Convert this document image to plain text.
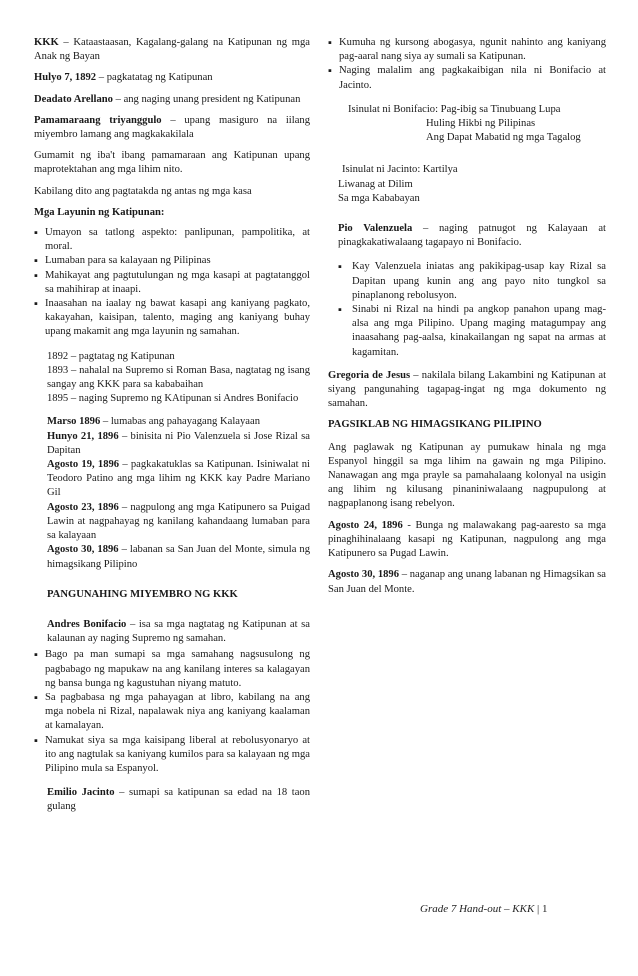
KKK – Kataastaasan, Kagalang-galang na Katipunan ng mga Anak ng Bayan

Hulyo 7, 1892 – pagkatatag ng Katipunan

Deadato Arellano – ang naging unang president ng Katipunan

Pamamaraang triyanggulo – upang masiguro na iilang miyembro lamang ang magkakakilala

Gumamit ng iba't ibang pamamaraan ang Katipunan upang maprotektahan ang mga lihim nito.

Kabilang dito ang pagtatakda ng antas ng mga kasa

Mga Layunin ng Katipunan:
▪ Umayon sa tatlong aspekto: panlipunan, pampolitika, at moral.
▪ Lumaban para sa kalayaan ng Pilipinas
▪ Mahikayat ang pagtutulungan ng mga kasapi at pagtatanggol sa mahihirap at inaapi.
▪ Inaasahan na iaalay ng bawat kasapi ang kaniyang pagkato, kakayahan, kaisipan, talento, maging ang kaniyang buhay upang makamit ang mga layunin ng samahan.

1892 – pagtatag ng Katipunan

1893 – nahalal na Supremo si Roman Basa, nagtatag ng isang sangay ang KKK para sa kababaihan

1895 – naging Supremo ng KAtipunan si Andres Bonifacio

Marso 1896 – lumabas ang pahayagang Kalayaan

Hunyo 21, 1896 – binisita ni Pio Valenzuela si Jose Rizal sa Dapitan

Agosto 19, 1896 – pagkakatuklas sa Katipunan. Isiniwalat ni Teodoro Patino ang mga lihim ng KKK kay Padre Mariano Gil

Agosto 23, 1896 – nagpulong ang mga Katipunero sa Puigad Lawin at nagpahayag ng kanilang kahandaang lumaban para sa kalayaan

Agosto 30, 1896 – labanan sa San Juan del Monte, simula ng himagsikang Pilipino

PANGUNAHING MIYEMBRO NG KKK

Andres Bonifacio – isa sa mga nagtatag ng Katipunan at sa kalaunan ay naging Supremo ng samahan.

▪ Bago pa man sumapi sa mga samahang nagsusulong ng pagbabago ng mapukaw na ang kanilang interes sa kalagayan ng bansa bunga ng kagustuhan niyang matuto.
▪ Sa pagbabasa ng mga pahayagan at libro, kabilang na ang mga nobela ni Rizal, napalawak niya ang kaniyang kaalaman at kamalayan.
▪ Namukat siya sa mga kaisipang liberal at rebolusyonaryo at ito ang nagtulak sa kaniyang kumilos para sa kalayaan ng mga Pilipino mula sa Espanyol.

Emilio Jacinto – sumapi sa katipunan sa edad na 18 taon gulang

▪ Kumuha ng kursong abogasya, ngunit nahinto ang kaniyang pag-aaral nang siya ay sumali sa Katipunan.
▪ Naging malalim ang pagkakaibigan nila ni Bonifacio at Jacinto.
Isinulat ni Bonifacio: Pag-ibig sa Tinubuang Lupa
Huling Hikbi ng Pilipinas
Ang Dapat Mabatid ng mga Tagalog
Isinulat ni Jacinto: Kartilya
Liwanag at Dilim
Sa mga Kababayan

Pio Valenzuela – naging patnugot ng Kalayaan at pinagkakatiwalaang tagapayo ni Bonifacio.

▪ Kay Valenzuela iniatas ang pakikipag-usap kay Rizal sa Dapitan upang kunin ang ang payo nito tungkol sa pinaplanong rebolusyon.
▪ Sinabi ni Rizal na hindi pa angkop panahon upang mag-alsa ang mga Pilipino. Upang maging matagumpay ang inaasahang pag-aalsa, kinakailangan ng sapat na armas at kagamitan.

Gregoria de Jesus – nakilala bilang Lakambini ng Katipunan at siyang pangunahing tagapag-ingat ng mga dokumento ng samahan.

PAGSIKLAB NG HIMAGSIKANG PILIPINO

Ang paglawak ng Katipunan ay pumukaw hinala ng mga Espanyol hinggil sa mga lihim na gawain ng mga Pilipino. Nanawagan ang mga prayle sa pamahalaang kolonyal na usigin ang lihim ng kilusang pinaniniwalaang nagpupulong at nagpaplanong isang rebelyon.

Agosto 24, 1896 - Bunga ng malawakang pag-aaresto sa mga pinaghihinalaang kasapi ng Katipunan, nagpulong ang mga Katipunero sa Pugad Lawin.

Agosto 30, 1896 – naganap ang unang labanan ng Himagsikan sa San Juan del Monte.

Grade 7 Hand-out – KKK | 1
